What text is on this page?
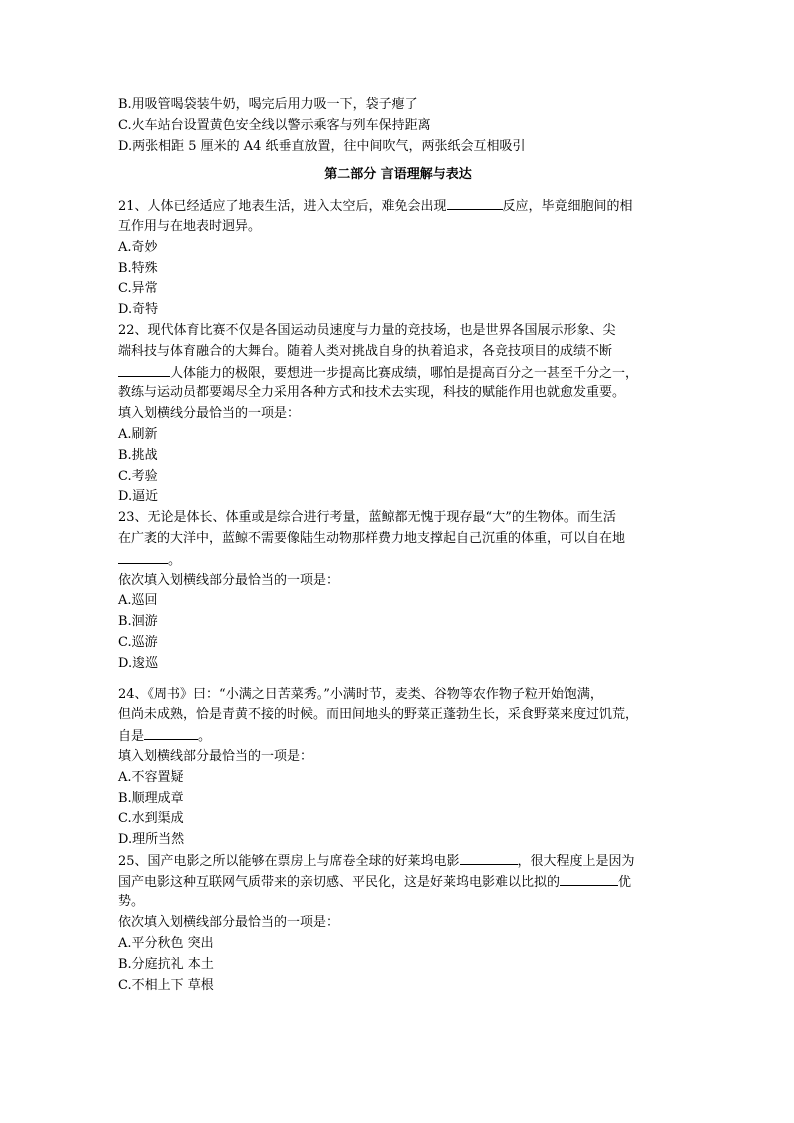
B.用吸管喝袋装牛奶，喝完后用力吸一下，袋子瘪了
C.火车站台设置黄色安全线以警示乘客与列车保持距离
D.两张相距 5 厘米的 A4 纸垂直放置，往中间吹气，两张纸会互相吸引
第二部分 言语理解与表达
21、人体已经适应了地表生活，进入太空后，难免会出现	反应，毕竟细胞间的相
互作用与在地表时迥异。
A.奇妙
B.特殊
C.异常
D.奇特
22、现代体育比赛不仅是各国运动员速度与力量的竞技场，也是世界各国展示形象、尖
端科技与体育融合的大舞台。随着人类对挑战自身的执着追求，各竞技项目的成绩不断
人体能力的极限，要想进一步提高比赛成绩，哪怕是提高百分之一甚至千分之一，
教练与运动员都要竭尽全力采用各种方式和技术去实现，科技的赋能作用也就愈发重要。
填入划横线分最恰当的一项是：
A.刷新
B.挑战
C.考验
D.逼近
23、无论是体长、体重或是综合进行考量，蓝鲸都无愧于现存最“大”的生物体。而生活
在广袤的大洋中，蓝鲸不需要像陆生动物那样费力地支撑起自己沉重的体重，可以自在地
。
依次填入划横线部分最恰当的一项是：
A.巡回
B.洄游
C.巡游
D.逡巡
24、《周书》曰：“小满之日苦菜秀。”小满时节，麦类、谷物等农作物子粒开始饱满，
但尚未成熟，恰是青黄不接的时候。而田间地头的野菜正蓬勃生长，采食野菜来度过饥荒，
自是	。
填入划横线部分最恰当的一项是：
A.不容置疑
B.顺理成章
C.水到渠成
D.理所当然
25、国产电影之所以能够在票房上与席卷全球的好莱坞电影	，很大程度上是因为
国产电影这种互联网气质带来的亲切感、平民化，这是好莱坞电影难以比拟的	优
势。
依次填入划横线部分最恰当的一项是：
A.平分秋色 突出
B.分庭抗礼 本土
C.不相上下 草根
